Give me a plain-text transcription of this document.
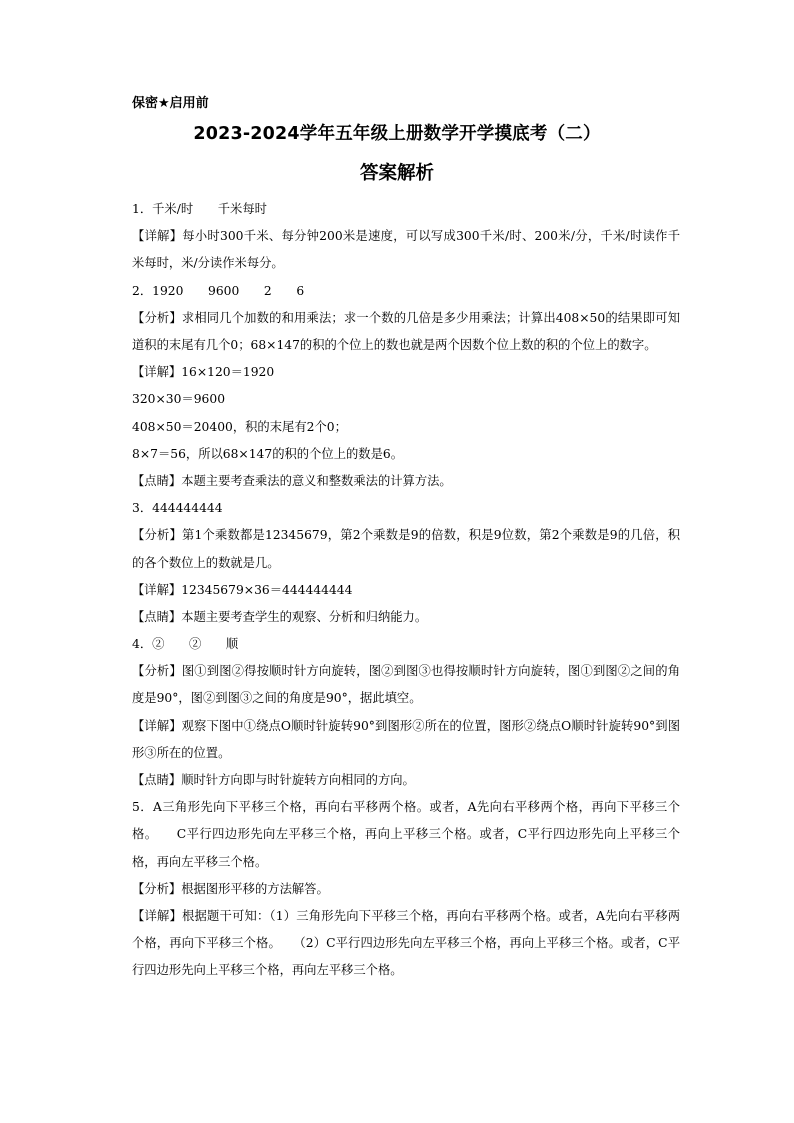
保密★启用前
2023-2024学年五年级上册数学开学摸底考（二）
答案解析
1．千米/时　　千米每时
【详解】每小时300千米、每分钟200米是速度，可以写成300千米/时、200米/分，千米/时读作千米每时，米/分读作米每分。
2．1920　　9600　　2　　6
【分析】求相同几个加数的和用乘法；求一个数的几倍是多少用乘法；计算出408×50的结果即可知道积的末尾有几个0；68×147的积的个位上的数也就是两个因数个位上数的积的个位上的数字。
【详解】16×120＝1920
320×30＝9600
408×50＝20400，积的末尾有2个0；
8×7＝56，所以68×147的积的个位上的数是6。
【点睛】本题主要考查乘法的意义和整数乘法的计算方法。
3．444444444
【分析】第1个乘数都是12345679，第2个乘数是9的倍数，积是9位数，第2个乘数是9的几倍，积的各个数位上的数就是几。
【详解】12345679×36＝444444444
【点睛】本题主要考查学生的观察、分析和归纳能力。
4．②　　②　　顺
【分析】图①到图②得按顺时针方向旋转，图②到图③也得按顺时针方向旋转，图①到图②之间的角度是90°，图②到图③之间的角度是90°，据此填空。
【详解】观察下图中①绕点O顺时针旋转90°到图形②所在的位置，图形②绕点O顺时针旋转90°到图形③所在的位置。
【点睛】顺时针方向即与时针旋转方向相同的方向。
5．A三角形先向下平移三个格，再向右平移两个格。或者，A先向右平移两个格，再向下平移三个格。　　C平行四边形先向左平移三个格，再向上平移三个格。或者，C平行四边形先向上平移三个格，再向左平移三个格。
【分析】根据图形平移的方法解答。
【详解】根据题干可知：（1）三角形先向下平移三个格，再向右平移两个格。或者，A先向右平移两个格，再向下平移三个格。　　（2）C平行四边形先向左平移三个格，再向上平移三个格。或者，C平行四边形先向上平移三个格，再向左平移三个格。
